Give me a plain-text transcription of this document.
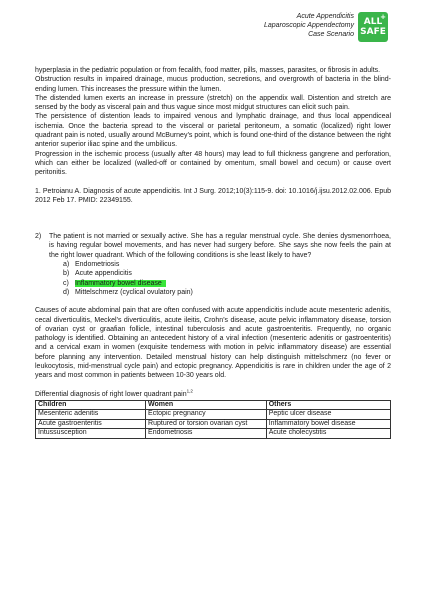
Acute Appendicitis
Laparoscopic Appendectomy
Case Scenario
+
ALL
SAFE

hyperplasia in the pediatric population or from fecalith, food matter, pills, masses, parasites, or fibrosis in adults.

Obstruction results in impaired drainage, mucus production, secretions, and overgrowth of bacteria in the blind-ending lumen. This increases the pressure within the lumen.

The distended lumen exerts an increase in pressure (stretch) on the appendix wall. Distention and stretch are sensed by the body as visceral pain and thus vague since most midgut structures can elicit such pain.

The persistence of distention leads to impaired venous and lymphatic drainage, and thus local appendiceal ischemia. Once the bacteria spread to the visceral or parietal peritoneum, a somatic (localized) right lower quadrant pain is noted, usually around McBurney’s point, which is found one-third of the distance between the right anterior superior iliac spine and the umbilicus.

Progression in the ischemic process (usually after 48 hours) may lead to full thickness gangrene and perforation, which can either be localized (walled-off or contained by omentum, small bowel and cecum) or cause overt peritonitis.

1. Petroianu A. Diagnosis of acute appendicitis. Int J Surg. 2012;10(3):115-9. doi: 10.1016/j.ijsu.2012.02.006. Epub 2012 Feb 17. PMID: 22349155.

2) The patient is not married or sexually active. She has a regular menstrual cycle. She denies dysmenorrhoea, is having regular bowel movements, and has never had surgery before. She says she now feels the pain at the right lower quadrant. Which of the following conditions is she least likely to have?

a) Endometriosis
b) Acute appendicitis
c) Inflammatory bowel disease
d) Mittelschmerz (cyclical ovulatory pain)

Causes of acute abdominal pain that are often confused with acute appendicitis include acute mesenteric adenitis, cecal diverticulitis, Meckel’s diverticulitis, acute ileitis, Crohn’s disease, acute pelvic inflammatory disease, torsion of ovarian cyst or graafian follicle, intestinal tuberculosis and acute gastroenteritis. Frequently, no organic pathology is identified. Obtaining an antecedent history of a viral infection (mesenteric adenitis or gastroenteritis) and a cervical exam in women (exquisite tenderness with motion in pelvic inflammatory disease) are essential before planning any intervention. Detailed menstrual history can help distinguish mittelschmerz (no fever or leukocytosis, mid-menstrual cycle pain) and ectopic pregnancy. Appendicitis is rare in children under the age of 2 years and most common in patients between 10-30 years old.

Differential diagnosis of right lower quadrant pain$^{1,2}$
Children	Women	Others
Mesenteric adenitis	Ectopic pregnancy	Peptic ulcer disease
Acute gastroenteritis	Ruptured or torsion ovarian cyst	Inflammatory bowel disease
Intussusception	Endometriosis	Acute cholecystitis
